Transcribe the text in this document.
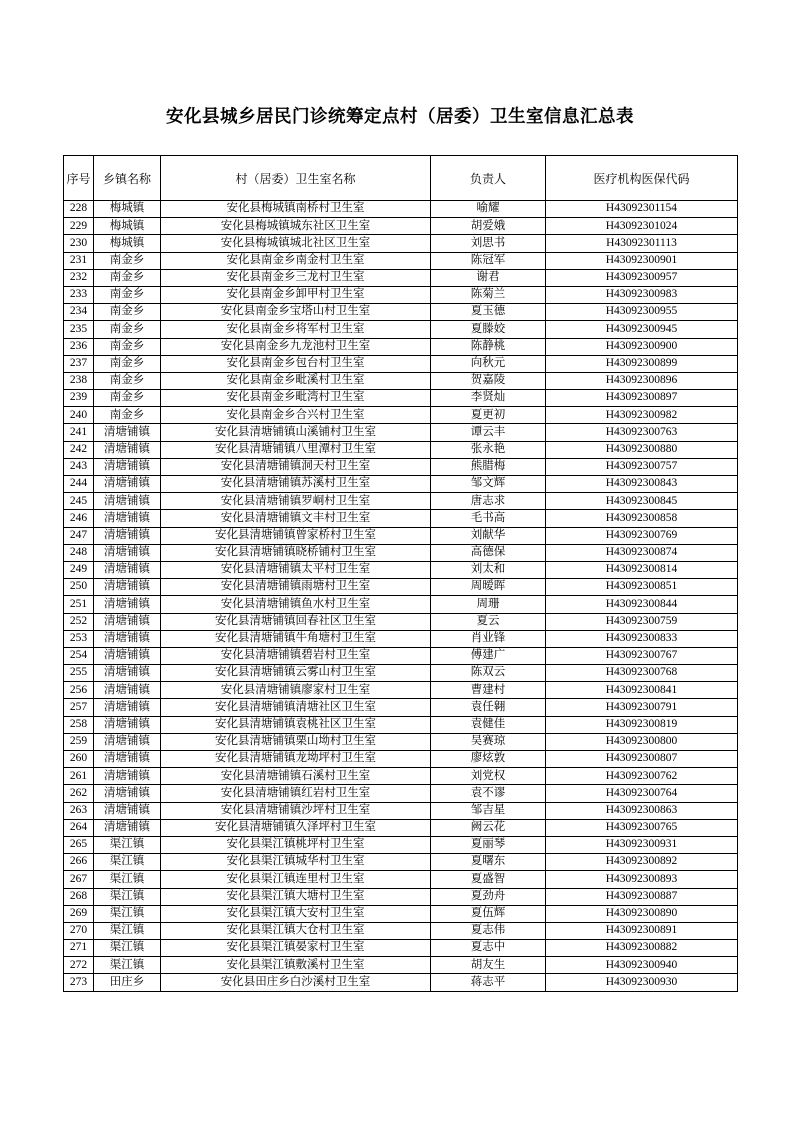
安化县城乡居民门诊统筹定点村（居委）卫生室信息汇总表
序号	乡镇名称	村（居委）卫生室名称	负责人	医疗机构医保代码
228	梅城镇	安化县梅城镇南桥村卫生室	喻耀	H43092301154
229	梅城镇	安化县梅城镇城东社区卫生室	胡爱娥	H43092301024
230	梅城镇	安化县梅城镇城北社区卫生室	刘思书	H43092301113
231	南金乡	安化县南金乡南金村卫生室	陈冠军	H43092300901
232	南金乡	安化县南金乡三龙村卫生室	谢君	H43092300957
233	南金乡	安化县南金乡卸甲村卫生室	陈菊兰	H43092300983
234	南金乡	安化县南金乡宝塔山村卫生室	夏玉德	H43092300955
235	南金乡	安化县南金乡将军村卫生室	夏滕姣	H43092300945
236	南金乡	安化县南金乡九龙池村卫生室	陈静桃	H43092300900
237	南金乡	安化县南金乡包台村卫生室	向秋元	H43092300899
238	南金乡	安化县南金乡毗溪村卫生室	贺嘉陵	H43092300896
239	南金乡	安化县南金乡毗湾村卫生室	李贤灿	H43092300897
240	南金乡	安化县南金乡合兴村卫生室	夏更初	H43092300982
241	清塘铺镇	安化县清塘铺镇山溪铺村卫生室	谭云丰	H43092300763
242	清塘铺镇	安化县清塘铺镇八里潭村卫生室	张永艳	H43092300880
243	清塘铺镇	安化县清塘铺镇洞天村卫生室	熊腊梅	H43092300757
244	清塘铺镇	安化县清塘铺镇苏溪村卫生室	邹文辉	H43092300843
245	清塘铺镇	安化县清塘铺镇罗峒村卫生室	唐志求	H43092300845
246	清塘铺镇	安化县清塘铺镇文丰村卫生室	毛书高	H43092300858
247	清塘铺镇	安化县清塘铺镇曾家桥村卫生室	刘献华	H43092300769
248	清塘铺镇	安化县清塘铺镇晓桥铺村卫生室	高德保	H43092300874
249	清塘铺镇	安化县清塘铺镇太平村卫生室	刘太和	H43092300814
250	清塘铺镇	安化县清塘铺镇雨塘村卫生室	周暧晖	H43092300851
251	清塘铺镇	安化县清塘铺镇鱼水村卫生室	周珊	H43092300844
252	清塘铺镇	安化县清塘铺镇回春社区卫生室	夏云	H43092300759
253	清塘铺镇	安化县清塘铺镇牛角塘村卫生室	肖业锋	H43092300833
254	清塘铺镇	安化县清塘铺镇碧岩村卫生室	傅建广	H43092300767
255	清塘铺镇	安化县清塘铺镇云雾山村卫生室	陈双云	H43092300768
256	清塘铺镇	安化县清塘铺镇廖家村卫生室	曹建村	H43092300841
257	清塘铺镇	安化县清塘铺镇清塘社区卫生室	袁任翱	H43092300791
258	清塘铺镇	安化县清塘铺镇袁桃社区卫生室	袁健佳	H43092300819
259	清塘铺镇	安化县清塘铺镇栗山坳村卫生室	吴赛琼	H43092300800
260	清塘铺镇	安化县清塘铺镇龙坳坪村卫生室	廖炫敦	H43092300807
261	清塘铺镇	安化县清塘铺镇石溪村卫生室	刘党权	H43092300762
262	清塘铺镇	安化县清塘铺镇红岩村卫生室	袁不谬	H43092300764
263	清塘铺镇	安化县清塘铺镇沙坪村卫生室	邹吉星	H43092300863
264	清塘铺镇	安化县清塘铺镇久泽坪村卫生室	阙云花	H43092300765
265	渠江镇	安化县渠江镇桃坪村卫生室	夏丽琴	H43092300931
266	渠江镇	安化县渠江镇城华村卫生室	夏曙东	H43092300892
267	渠江镇	安化县渠江镇连里村卫生室	夏盛智	H43092300893
268	渠江镇	安化县渠江镇大塘村卫生室	夏劲舟	H43092300887
269	渠江镇	安化县渠江镇大安村卫生室	夏伍辉	H43092300890
270	渠江镇	安化县渠江镇大仓村卫生室	夏志伟	H43092300891
271	渠江镇	安化县渠江镇晏家村卫生室	夏志中	H43092300882
272	渠江镇	安化县渠江镇敷溪村卫生室	胡友生	H43092300940
273	田庄乡	安化县田庄乡白沙溪村卫生室	蒋志平	H43092300930
